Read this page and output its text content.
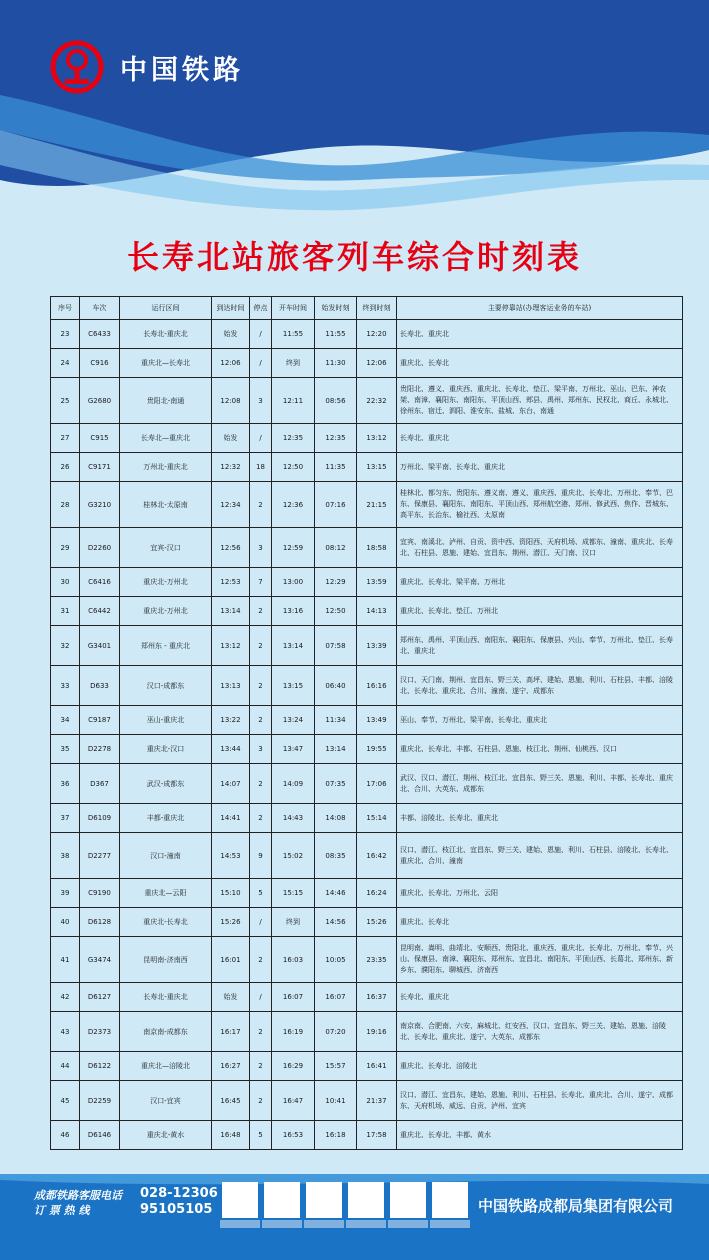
中国铁路
长寿北站旅客列车综合时刻表
序号	车次	运行区间	到达时间	停点	开车时间	始发时刻	终到时刻	主要停靠站(办理客运业务的车站)
23	C6433	长寿北-重庆北	始发	/	11:55	11:55	12:20	长寿北、重庆北
24	C916	重庆北—长寿北	12:06	/	终到	11:30	12:06	重庆北、长寿北
25	G2680	贵阳北-南通	12:08	3	12:11	08:56	22:32	贵阳北、遵义、重庆西、重庆北、长寿北、垫江、梁平南、万州北、巫山、巴东、神农架、南漳、襄阳东、南阳东、平顶山西、郏县、禹州、郑州东、民权北、商丘、永城北、徐州东、宿迁、泗阳、淮安东、盐城、东台、南通
27	C915	长寿北—重庆北	始发	/	12:35	12:35	13:12	长寿北、重庆北
26	C9171	万州北-重庆北	12:32	18	12:50	11:35	13:15	万州北、梁平南、长寿北、重庆北
28	G3210	桂林北-太原南	12:34	2	12:36	07:16	21:15	桂林北、都匀东、贵阳东、遵义南、遵义、重庆西、重庆北、长寿北、万州北、奉节、巴东、保康县、襄阳东、南阳东、平顶山西、郑州航空港、郑州、修武西、焦作、晋城东、高平东、长治东、榆社西、太原南
29	D2260	宜宾-汉口	12:56	3	12:59	08:12	18:58	宜宾、南溪北、泸州、自贡、资中西、资阳西、天府机场、成都东、潼南、重庆北、长寿北、石柱县、恩施、建始、宜昌东、荆州、潜江、天门南、汉口
30	C6416	重庆北-万州北	12:53	7	13:00	12:29	13:59	重庆北、长寿北、梁平南、万州北
31	C6442	重庆北-万州北	13:14	2	13:16	12:50	14:13	重庆北、长寿北、垫江、万州北
32	G3401	郑州东 - 重庆北	13:12	2	13:14	07:58	13:39	郑州东、禹州、平顶山西、南阳东、襄阳东、保康县、兴山、奉节、万州北、垫江、长寿北、重庆北
33	D633	汉口-成都东	13:13	2	13:15	06:40	16:16	汉口、天门南、荆州、宜昌东、野三关、高坪、建始、恩施、利川、石柱县、丰都、涪陵北、长寿北、重庆北、合川、潼南、遂宁、成都东
34	C9187	巫山-重庆北	13:22	2	13:24	11:34	13:49	巫山、奉节、万州北、梁平南、长寿北、重庆北
35	D2278	重庆北-汉口	13:44	3	13:47	13:14	19:55	重庆北、长寿北、丰都、石柱县、恩施、枝江北、荆州、仙桃西、汉口
36	D367	武汉-成都东	14:07	2	14:09	07:35	17:06	武汉、汉口、潜江、荆州、枝江北、宜昌东、野三关、恩施、利川、丰都、长寿北、重庆北、合川、大英东、成都东
37	D6109	丰都-重庆北	14:41	2	14:43	14:08	15:14	丰都、涪陵北、长寿北、重庆北
38	D2277	汉口-潼南	14:53	9	15:02	08:35	16:42	汉口、潜江、枝江北、宜昌东、野三关、建始、恩施、利川、石柱县、涪陵北、长寿北、重庆北、合川、潼南
39	C9190	重庆北—云阳	15:10	5	15:15	14:46	16:24	重庆北、长寿北、万州北、云阳
40	D6128	重庆北-长寿北	15:26	/	终到	14:56	15:26	重庆北、长寿北
41	G3474	昆明南-济南西	16:01	2	16:03	10:05	23:35	昆明南、嵩明、曲靖北、安顺西、贵阳北、重庆西、重庆北、长寿北、万州北、奉节、兴山、保康县、南漳、襄阳东、郑州东、宜昌北、南阳东、平顶山西、长葛北、郑州东、新乡东、濮阳东、聊城西、济南西
42	D6127	长寿北-重庆北	始发	/	16:07	16:07	16:37	长寿北、重庆北
43	D2373	南京南-成都东	16:17	2	16:19	07:20	19:16	南京南、合肥南、六安、麻城北、红安西、汉口、宜昌东、野三关、建始、恩施、涪陵北、长寿北、重庆北、遂宁、大英东、成都东
44	D6122	重庆北—涪陵北	16:27	2	16:29	15:57	16:41	重庆北、长寿北、涪陵北
45	D2259	汉口-宜宾	16:45	2	16:47	10:41	21:37	汉口、潜江、宜昌东、建始、恩施、利川、石柱县、长寿北、重庆北、合川、遂宁、成都东、天府机场、威远、自贡、泸州、宜宾
46	D6146	重庆北-黄水	16:48	5	16:53	16:18	17:58	重庆北、长寿北、丰都、黄水
成都铁路客服电话
订 票 热 线
028-12306
95105105	中国铁路成都局集团有限公司
